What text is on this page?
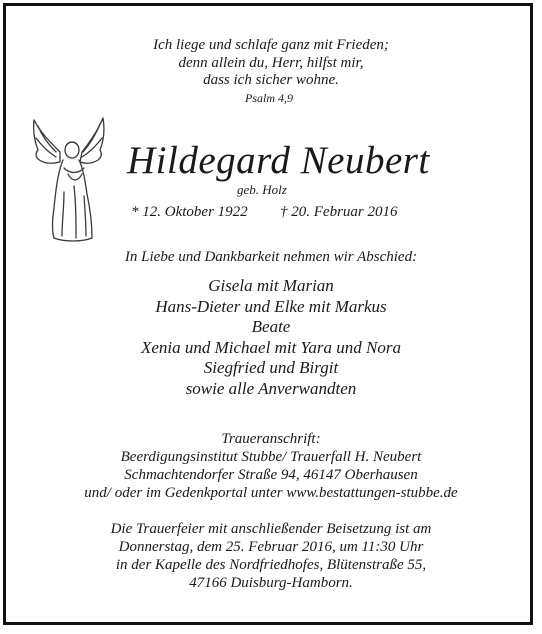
Ich liege und schlafe ganz mit Frieden;
denn allein du, Herr, hilfst mir,
dass ich sicher wohne.
Psalm 4,9
Hildegard Neubert
geb. Holz
* 12. Oktober 1922 † 20. Februar 2016
In Liebe und Dankbarkeit nehmen wir Abschied:
Gisela mit Marian
Hans-Dieter und Elke mit Markus
Beate
Xenia und Michael mit Yara und Nora
Siegfried und Birgit
sowie alle Anverwandten
Traueranschrift:
Beerdigungsinstitut Stubbe/ Trauerfall H. Neubert
Schmachtendorfer Straße 94, 46147 Oberhausen
und/ oder im Gedenkportal unter www.bestattungen-stubbe.de
Die Trauerfeier mit anschließender Beisetzung ist am
Donnerstag, dem 25. Februar 2016, um 11:30 Uhr
in der Kapelle des Nordfriedhofes, Blütenstraße 55,
47166 Duisburg-Hamborn.
